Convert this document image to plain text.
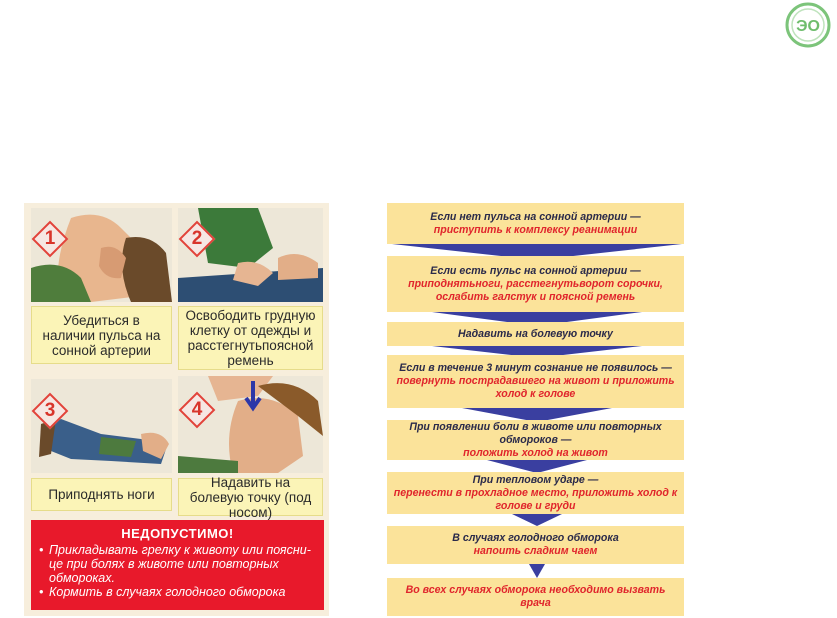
ЭО
1	2
Убедиться в наличии пульса на сонной артерии
Освободить грудную клетку от одежды и расстегнутьпоясной ремень
3	4
Приподнять ноги
Надавить на болевую точку (под носом)
НЕДОПУСТИМО!
• Прикладывать грелку к животу или пояснице при болях в животе или повторных обмороках.
• Кормить в случаях голодного обморока
Если нет пульса на сонной артерии —
приступить к комплексу реанимации
Если есть пульс на сонной артерии —
приподнятьноги, расстегнутьворот сорочки, ослабить галстук и поясной ремень
Надавить на болевую точку
Если в течение 3 минут сознание не появилось —
повернуть пострадавшего на живот и приложить холод к голове
При появлении боли в животе или повторных обмороков —
положить холод на живот
При тепловом ударе —
перенести в прохладное место, приложить холод к голове и груди
В случаях голодного обморока
напоить сладким чаем
Во всех случаях обморока необходимо вызвать врача
